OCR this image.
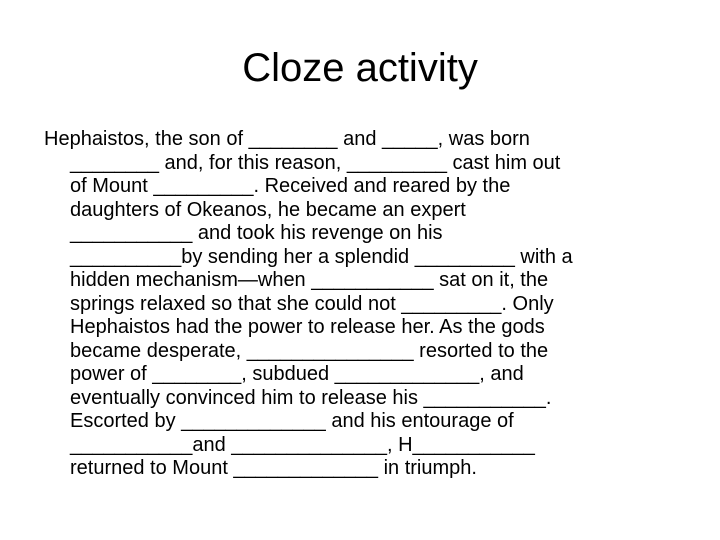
Cloze activity
Hephaistos, the son of ________ and _____, was born
________ and, for this reason, _________ cast him out
of Mount _________. Received and reared by the
daughters of Okeanos, he became an expert
___________ and took his revenge on his
__________by sending her a splendid _________ with a
hidden mechanism—when ___________ sat on it, the
springs relaxed so that she could not _________. Only
Hephaistos had the power to release her. As the gods
became desperate, _______________ resorted to the
power of ________, subdued _____________, and
eventually convinced him to release his ___________.
Escorted by _____________ and his entourage of
___________and ______________, H___________
returned to Mount _____________ in triumph.
